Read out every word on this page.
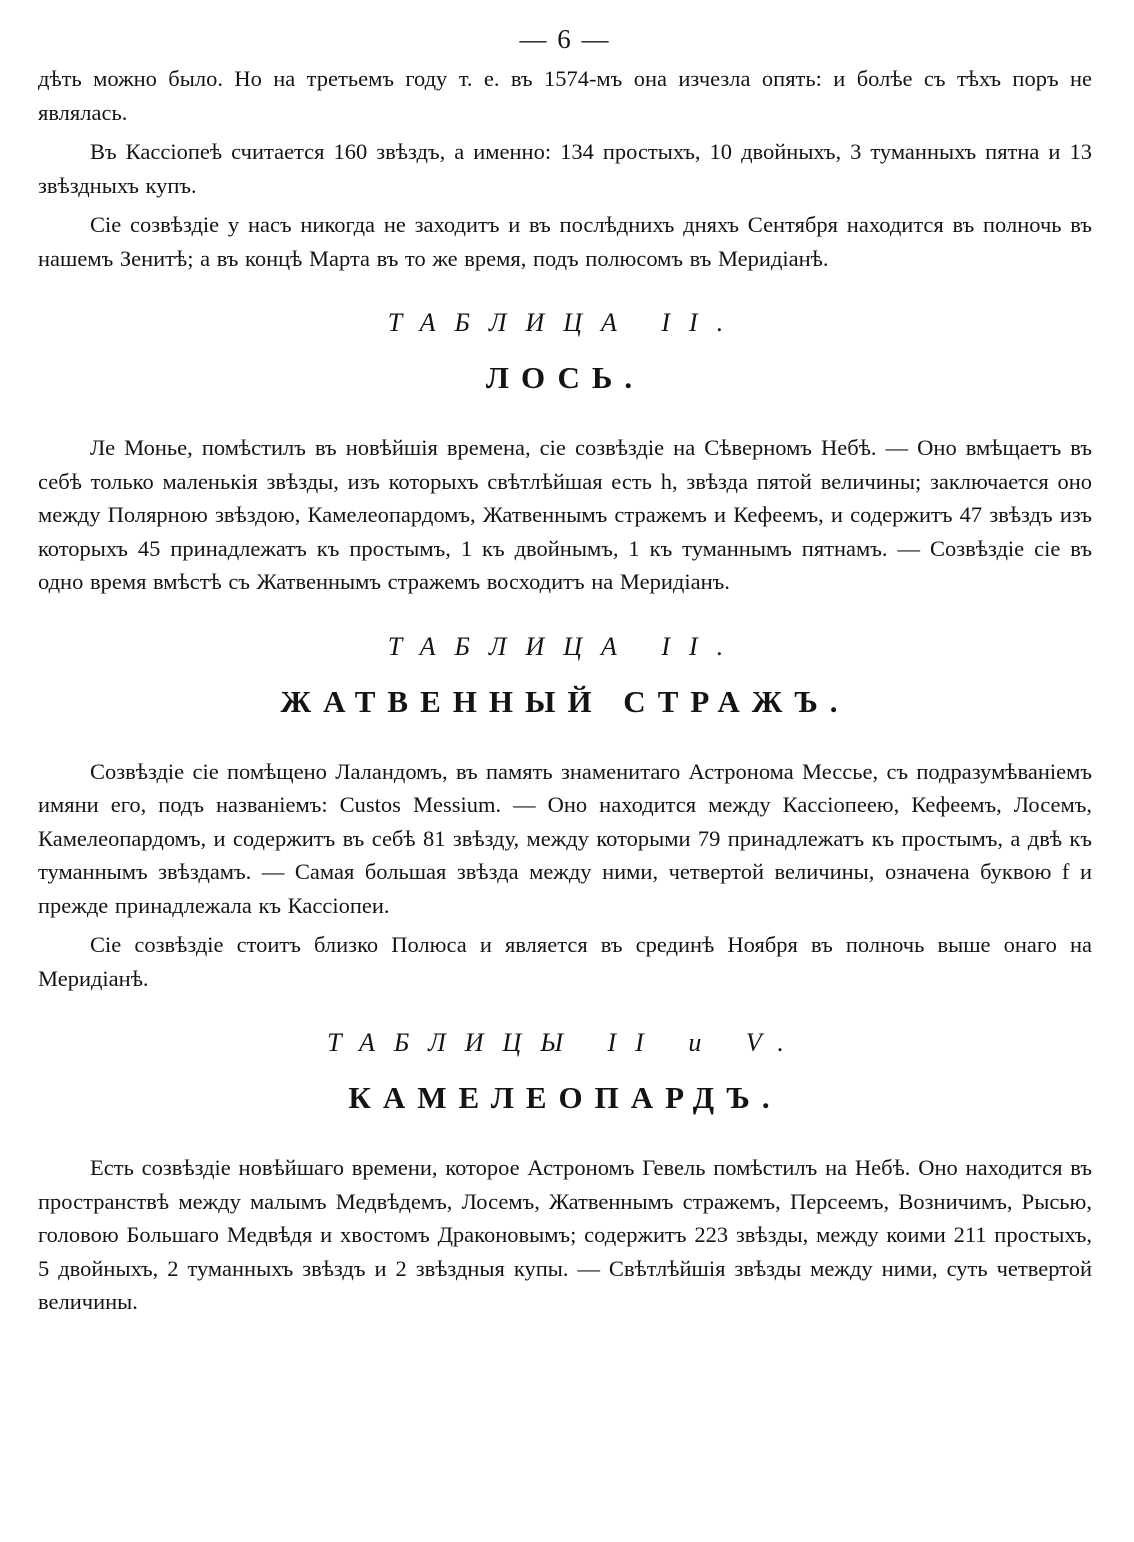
— 6 —

дѣть можно было. Но на третьемъ году т. е. въ 1574-мъ она изчезла опять: и болѣе съ тѣхъ поръ не являлась.

Въ Кассіопеѣ считается 160 звѣздъ, а именно: 134 простыхъ, 10 двойныхъ, 3 туманныхъ пятна и 13 звѣздныхъ купъ.

Сіе созвѣздіе у насъ никогда не заходитъ и въ послѣднихъ дняхъ Сентября находится въ полночь въ нашемъ Зенитѣ; а въ концѣ Марта въ то же время, подъ полюсомъ въ Меридіанѣ.

ТАБЛИЦА II.
ЛОСЬ.

Ле Монье, помѣстилъ въ новѣйшія времена, сіе созвѣздіе на Сѣверномъ Небѣ. — Оно вмѣщаетъ въ себѣ только маленькія звѣзды, изъ которыхъ свѣтлѣйшая есть h, звѣзда пятой величины; заключается оно между Полярною звѣздою, Камелеопардомъ, Жатвеннымъ стражемъ и Кефеемъ, и содержитъ 47 звѣздъ изъ которыхъ 45 принадлежатъ къ простымъ, 1 къ двойнымъ, 1 къ туманнымъ пятнамъ. — Созвѣздіе сіе въ одно время вмѣстѣ съ Жатвеннымъ стражемъ восходитъ на Меридіанъ.

ТАБЛИЦА II.
ЖАТВЕННЫЙ СТРАЖЪ.

Созвѣздіе сіе помѣщено Лаландомъ, въ память знаменитаго Астронома Мессье, съ подразумѣваніемъ имяни его, подъ названіемъ: Custos Messium. — Оно находится между Кассіопеею, Кефеемъ, Лосемъ, Камелеопардомъ, и содержитъ въ себѣ 81 звѣзду, между которыми 79 принадлежатъ къ простымъ, а двѣ къ туманнымъ звѣздамъ. — Самая большая звѣзда между ними, четвертой величины, означена буквою f и прежде принадлежала къ Кассіопеи.

Сіе созвѣздіе стоитъ близко Полюса и является въ срединѣ Ноября въ полночь выше онаго на Меридіанѣ.

ТАБЛИЦЫ II и V.
КАМЕЛЕОПАРДЪ.

Есть созвѣздіе новѣйшаго времени, которое Астрономъ Гевель помѣстилъ на Небѣ. Оно находится въ пространствѣ между малымъ Медвѣдемъ, Лосемъ, Жатвеннымъ стражемъ, Персеемъ, Возничимъ, Рысью, головою Большаго Медвѣдя и хвостомъ Драконовымъ; содержитъ 223 звѣзды, между коими 211 простыхъ, 5 двойныхъ, 2 туманныхъ звѣздъ и 2 звѣздныя купы. — Свѣтлѣйшія звѣзды между ними, суть четвертой величины.
